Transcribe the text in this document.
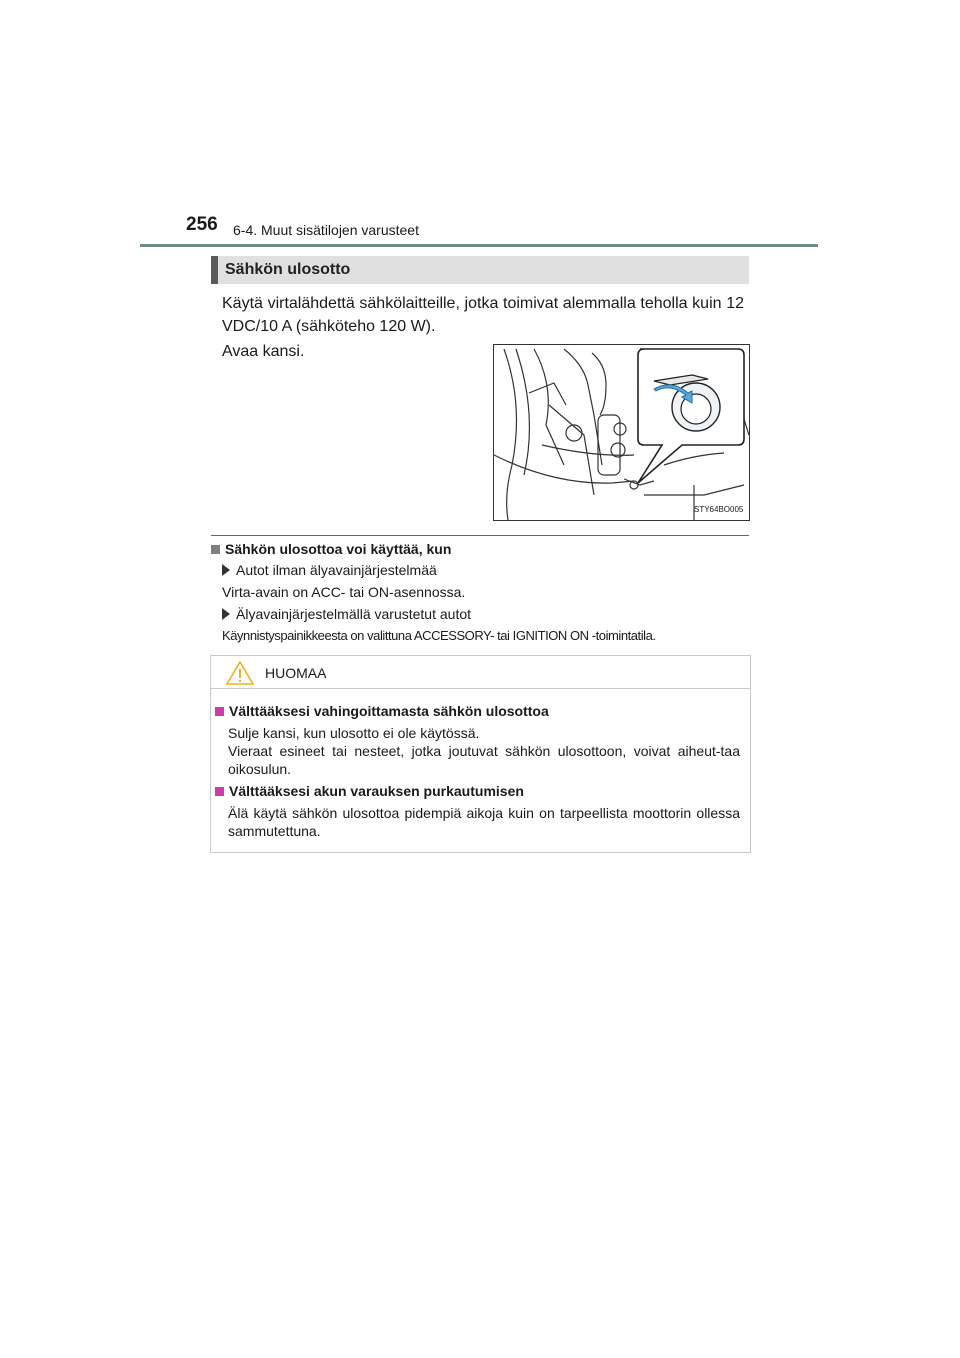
256 6-4. Muut sisätilojen varusteet
Sähkön ulosotto
Käytä virtalähdettä sähkölaitteille, jotka toimivat alemmalla teholla kuin 12 VDC/10 A (sähköteho 120 W).
Avaa kansi.
STY64BO005
Sähkön ulosottoa voi käyttää, kun
Autot ilman älyavainjärjestelmää
Virta-avain on ACC- tai ON-asennossa.
Älyavainjärjestelmällä varustetut autot
Käynnistyspainikkeesta on valittuna ACCESSORY- tai IGNITION ON -toimintatila.
HUOMAA
Välttääksesi vahingoittamasta sähkön ulosottoa
Sulje kansi, kun ulosotto ei ole käytössä.
Vieraat esineet tai nesteet, jotka joutuvat sähkön ulosottoon, voivat aiheut-taa oikosulun.
Välttääksesi akun varauksen purkautumisen
Älä käytä sähkön ulosottoa pidempiä aikoja kuin on tarpeellista moottorin ollessa sammutettuna.
